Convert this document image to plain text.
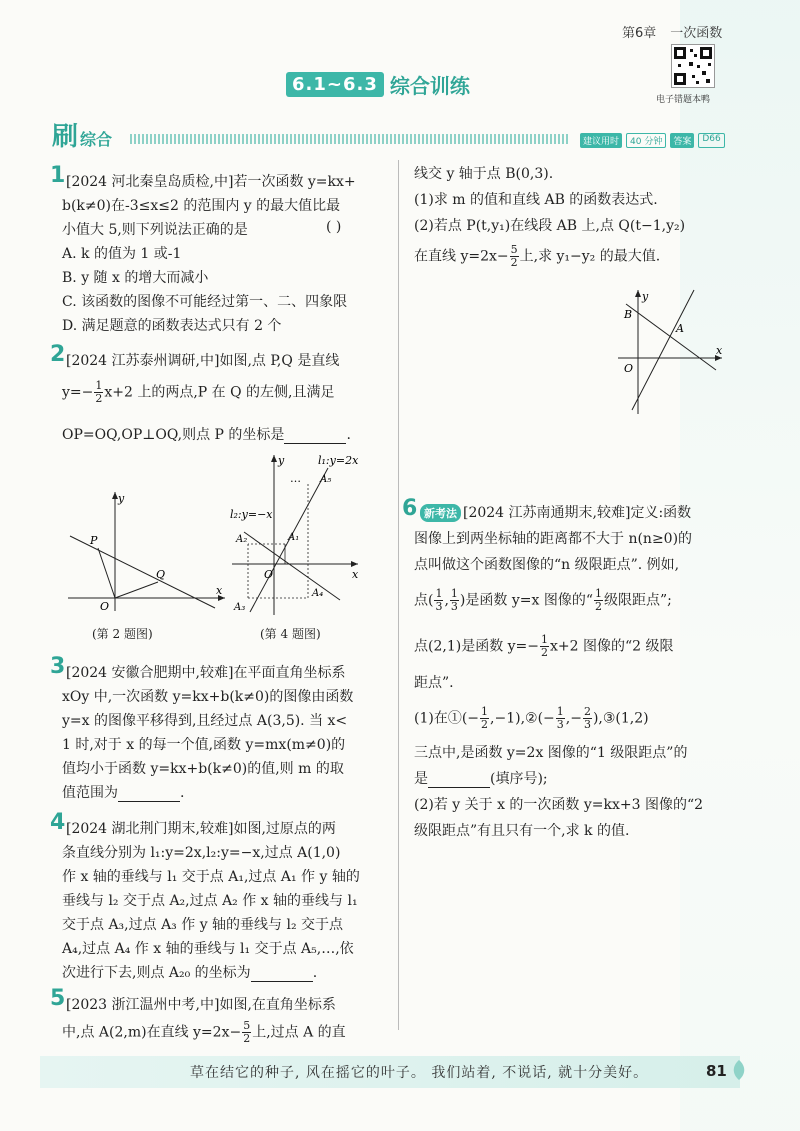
第6章 一次函数
电子错题本鸭
6.1~6.3 综合训练
刷 综合	建议用时	40 分钟	答案	D66
1 [2024 河北秦皇岛质检,中]若一次函数 y=kx+
b(k≠0)在-3≤x≤2 的范围内 y 的最大值比最
小值大 5,则下列说法正确的是	( )
A. k 的值为 1 或-1
B. y 随 x 的增大而减小
C. 该函数的图像不可能经过第一、二、四象限
D. 满足题意的函数表达式只有 2 个
2 [2024 江苏泰州调研,中]如图,点 P,Q 是直线
$y=- \frac{1}{2} x+2$ 上的两点,P 在 Q 的左侧,且满足
OP=OQ,OP⊥OQ,则点 P 的坐标是	.
y
x
O
P
Q
(第 2 题图)
l₁:y=2x
l₂:y=−x
y
x
O
A₁
A₂
A₃
A₄
A₅
…
(第 4 题图)
3 [2024 安徽合肥期中,较难]在平面直角坐标系
xOy 中,一次函数 y=kx+b(k≠0)的图像由函数
y=x 的图像平移得到,且经过点 A(3,5). 当 x<
1 时,对于 x 的每一个值,函数 y=mx(m≠0)的
值均小于函数 y=kx+b(k≠0)的值,则 m 的取
值范围为	.
4 [2024 湖北荆门期末,较难]如图,过原点的两
条直线分别为 l₁:y=2x,l₂:y=−x,过点 A(1,0)
作 x 轴的垂线与 l₁ 交于点 A₁,过点 A₁ 作 y 轴的
垂线与 l₂ 交于点 A₂,过点 A₂ 作 x 轴的垂线与 l₁
交于点 A₃,过点 A₃ 作 y 轴的垂线与 l₂ 交于点
A₄,过点 A₄ 作 x 轴的垂线与 l₁ 交于点 A₅,…,依
次进行下去,则点 A₂₀ 的坐标为	.
5 [2023 浙江温州中考,中]如图,在直角坐标系
中,点 A(2,m)在直线 $y=2x- \frac{5}{2}$ 上,过点 A 的直
线交 y 轴于点 B(0,3).
(1)求 m 的值和直线 AB 的函数表达式.
(2)若点 P(t,y₁)在线段 AB 上,点 Q(t−1,y₂)
在直线 $y=2x- \frac{5}{2}$ 上,求 y₁−y₂ 的最大值.
y
x
O
A
B
6 新考法 [2024 江苏南通期末,较难]定义:函数
图像上到两坐标轴的距离都不大于 n(n≥0)的
点叫做这个函数图像的“n 级限距点”. 例如,
点( $\frac{1}{3}$ , $\frac{1}{3}$ )是函数 y=x 图像的“ $\frac{1}{2}$ 级限距点”;
点(2,1)是函数 $y=- \frac{1}{2} x+2$ 图像的“2 级限
距点”.
(1)在①(− $\frac{1}{2}$ ,−1),②(− $\frac{1}{3}$ ,− $\frac{2}{3}$ ),③(1,2)
三点中,是函数 y=2x 图像的“1 级限距点”的
是	(填序号);
(2)若 y 关于 x 的一次函数 y=kx+3 图像的“2
级限距点”有且只有一个,求 k 的值.
草在结它的种子, 风在摇它的叶子。 我们站着, 不说话, 就十分美好。	81
